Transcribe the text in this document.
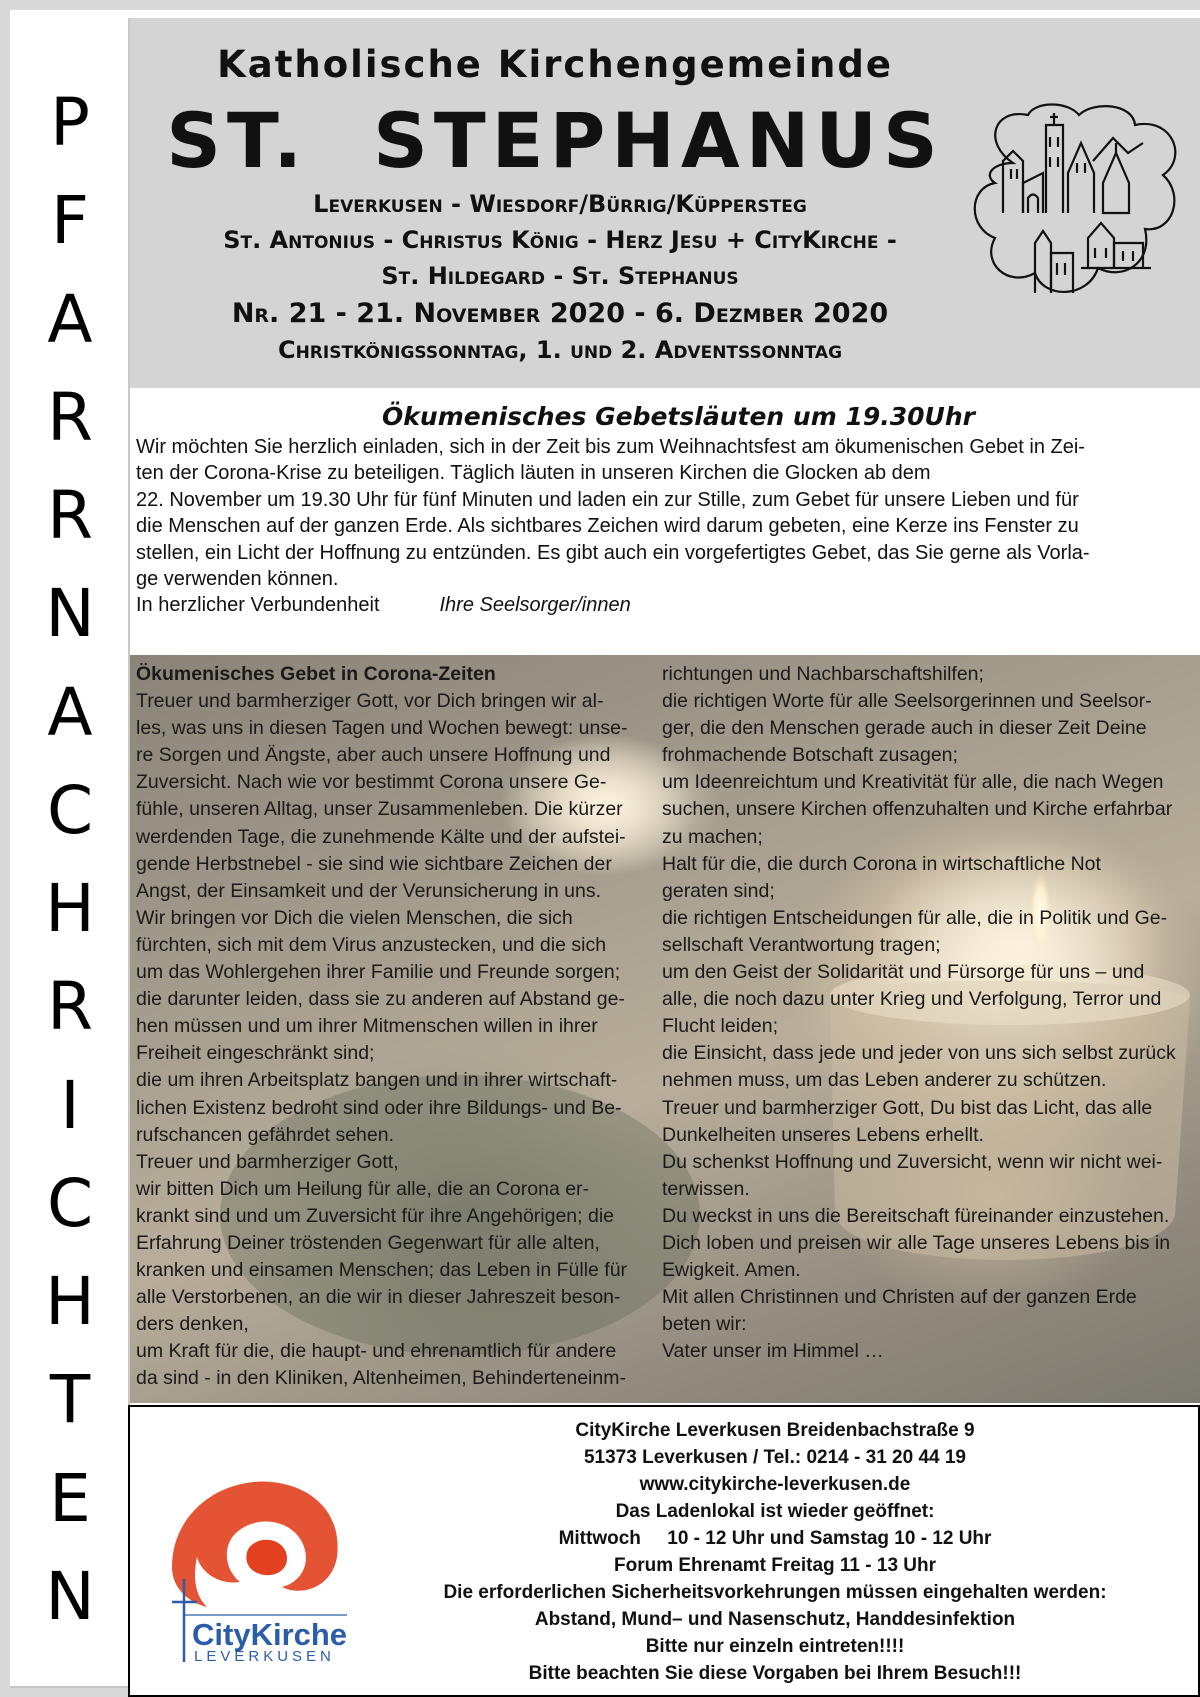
P
F
A
R
R
N
A
C
H
R
I
C
H
T
E
N
Katholische Kirchengemeinde
ST.  STEPHANUS
Leverkusen - Wiesdorf/Bürrig/Küppersteg
St. Antonius - Christus König - Herz Jesu + CityKirche -
St. Hildegard - St. Stephanus
Nr. 21 - 21. November 2020 - 6. Dezmber 2020
Christkönigssonntag, 1. und 2. Adventssonntag
Ökumenisches Gebetsläuten um 19.30Uhr

Wir möchten Sie herzlich einladen, sich in der Zeit bis zum Weihnachtsfest am ökumenischen Gebet in Zei-
ten der Corona-Krise zu beteiligen. Täglich läuten in unseren Kirchen die Glocken ab dem
22. November um 19.30 Uhr für fünf Minuten und laden ein zur Stille, zum Gebet für unsere Lieben und für
die Menschen auf der ganzen Erde. Als sichtbares Zeichen wird darum gebeten, eine Kerze ins Fenster zu
stellen, ein Licht der Hoffnung zu entzünden. Es gibt auch ein vorgefertigtes Gebet, das Sie gerne als Vorla-
ge verwenden können.

In herzlicher Verbundenheit	Ihre Seelsorger/innen
Ökumenisches Gebet in Corona-Zeiten
Treuer und barmherziger Gott, vor Dich bringen wir al-
les, was uns in diesen Tagen und Wochen bewegt: unse-
re Sorgen und Ängste, aber auch unsere Hoffnung und
Zuversicht. Nach wie vor bestimmt Corona unsere Ge-
fühle, unseren Alltag, unser Zusammenleben. Die kürzer
werdenden Tage, die zunehmende Kälte und der aufstei-
gende Herbstnebel - sie sind wie sichtbare Zeichen der
Angst, der Einsamkeit und der Verunsicherung in uns.
Wir bringen vor Dich die vielen Menschen, die sich
fürchten, sich mit dem Virus anzustecken, und die sich
um das Wohlergehen ihrer Familie und Freunde sorgen;
die darunter leiden, dass sie zu anderen auf Abstand ge-
hen müssen und um ihrer Mitmenschen willen in ihrer
Freiheit eingeschränkt sind;
die um ihren Arbeitsplatz bangen und in ihrer wirtschaft-
lichen Existenz bedroht sind oder ihre Bildungs- und Be-
rufschancen gefährdet sehen.
Treuer und barmherziger Gott,
wir bitten Dich um Heilung für alle, die an Corona er-
krankt sind und um Zuversicht für ihre Angehörigen; die
Erfahrung Deiner tröstenden Gegenwart für alle alten,
kranken und einsamen Menschen; das Leben in Fülle für
alle Verstorbenen, an die wir in dieser Jahreszeit beson-
ders denken,
um Kraft für die, die haupt- und ehrenamtlich für andere
da sind - in den Kliniken, Altenheimen, Behinderteneinm-
richtungen und Nachbarschaftshilfen;
die richtigen Worte für alle Seelsorgerinnen und Seelsor-
ger, die den Menschen gerade auch in dieser Zeit Deine
frohmachende Botschaft zusagen;
um Ideenreichtum und Kreativität für alle, die nach Wegen
suchen, unsere Kirchen offenzuhalten und Kirche erfahrbar
zu machen;
Halt für die, die durch Corona in wirtschaftliche Not
geraten sind;
die richtigen Entscheidungen für alle, die in Politik und Ge-
sellschaft Verantwortung tragen;
um den Geist der Solidarität und Fürsorge für uns – und
alle, die noch dazu unter Krieg und Verfolgung, Terror und
Flucht leiden;
die Einsicht, dass jede und jeder von uns sich selbst zurück
nehmen muss, um das Leben anderer zu schützen.
Treuer und barmherziger Gott, Du bist das Licht, das alle
Dunkelheiten unseres Lebens erhellt.
Du schenkst Hoffnung und Zuversicht, wenn wir nicht wei-
terwissen.
Du weckst in uns die Bereitschaft füreinander einzustehen.
Dich loben und preisen wir alle Tage unseres Lebens bis in
Ewigkeit. Amen.
Mit allen Christinnen und Christen auf der ganzen Erde
beten wir:
Vater unser im Himmel …
CityKirche
LEVERKUSEN
CityKirche Leverkusen Breidenbachstraße 9
51373 Leverkusen / Tel.: 0214 - 31 20 44 19
www.citykirche-leverkusen.de
Das Ladenlokal ist wieder geöffnet:
Mittwoch     10 - 12 Uhr und Samstag 10 - 12 Uhr
Forum Ehrenamt Freitag 11 - 13 Uhr
Die erforderlichen Sicherheitsvorkehrungen müssen eingehalten werden:
Abstand, Mund– und Nasenschutz, Handdesinfektion
Bitte nur einzeln eintreten!!!!
Bitte beachten Sie diese Vorgaben bei Ihrem Besuch!!!
